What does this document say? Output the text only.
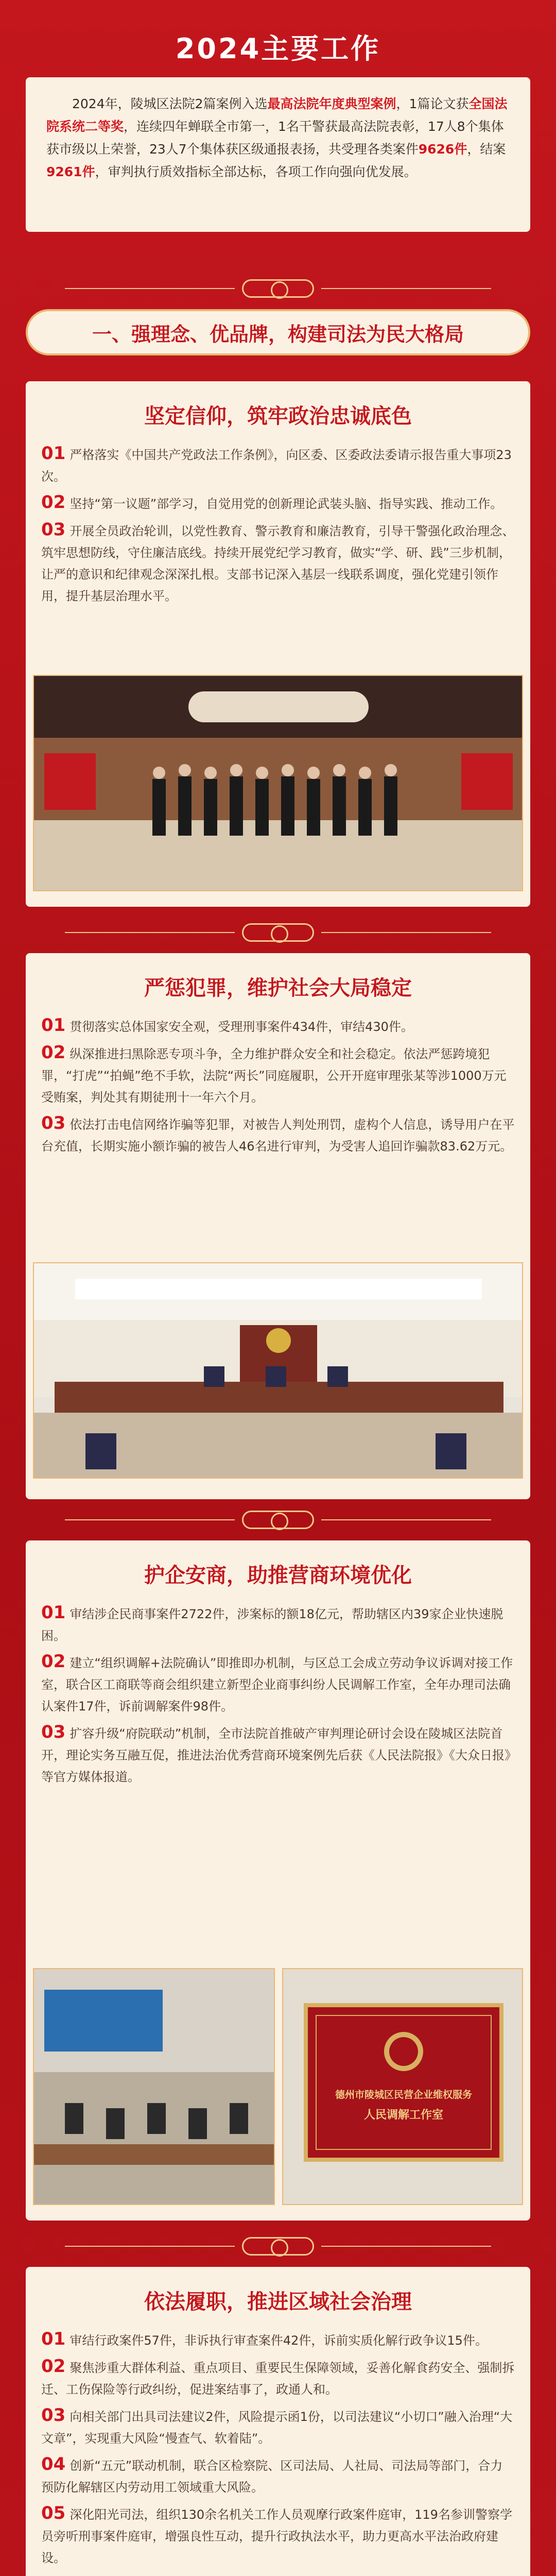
2024主要工作
2024年，陵城区法院2篇案例入选最高法院年度典型案例，1篇论文获全国法院系统二等奖，连续四年蝉联全市第一，1名干警获最高法院表彰，17人8个集体获市级以上荣誉，23人7个集体获区级通报表扬，共受理各类案件9626件，结案9261件，审判执行质效指标全部达标，各项工作向强向优发展。
一、强理念、优品牌，构建司法为民大格局
坚定信仰，筑牢政治忠诚底色
01 严格落实《中国共产党政法工作条例》，向区委、区委政法委请示报告重大事项23次。
02 坚持“第一议题”部学习，自觉用党的创新理论武装头脑、指导实践、推动工作。
03 开展全员政治轮训，以党性教育、警示教育和廉洁教育，引导干警强化政治理念、筑牢思想防线，守住廉洁底线。持续开展党纪学习教育，做实“学、研、践”三步机制，让严的意识和纪律观念深深扎根。支部书记深入基层一线联系调度，强化党建引领作用，提升基层治理水平。
严惩犯罪，维护社会大局稳定
01 贯彻落实总体国家安全观，受理刑事案件434件，审结430件。
02 纵深推进扫黑除恶专项斗争，全力维护群众安全和社会稳定。依法严惩跨境犯罪，“打虎”“拍蝇”绝不手软，法院“两长”同庭履职，公开开庭审理张某等涉1000万元受贿案，判处其有期徒刑十一年六个月。
03 依法打击电信网络诈骗等犯罪，对被告人判处刑罚，虚构个人信息，诱导用户在平台充值，长期实施小额诈骗的被告人46名进行审判，为受害人追回诈骗款83.62万元。
护企安商，助推营商环境优化
01 审结涉企民商事案件2722件，涉案标的额18亿元，帮助辖区内39家企业快速脱困。
02 建立“组织调解+法院确认”即推即办机制，与区总工会成立劳动争议诉调对接工作室，联合区工商联等商会组织建立新型企业商事纠纷人民调解工作室，全年办理司法确认案件17件，诉前调解案件98件。
03 扩容升级“府院联动”机制，全市法院首推破产审判理论研讨会设在陵城区法院首开，理论实务互融互促，推进法治优秀营商环境案例先后获《人民法院报》《大众日报》等官方媒体报道。
德州市陵城区民营企业维权服务
人民调解工作室
依法履职，推进区域社会治理
01 审结行政案件57件，非诉执行审查案件42件，诉前实质化解行政争议15件。
02 聚焦涉重大群体利益、重点项目、重要民生保障领域，妥善化解食药安全、强制拆迁、工伤保险等行政纠纷，促进案结事了，政通人和。
03 向相关部门出具司法建议2件，风险提示函1份，以司法建议“小切口”融入治理“大文章”，实现重大风险“慢查气、软着陆”。
04 创新“五元”联动机制，联合区检察院、区司法局、人社局、司法局等部门，合力预防化解辖区内劳动用工领域重大风险。
05 深化阳光司法，组织130余名机关工作人员观摩行政案件庭审，119名参训警察学员旁听刑事案件庭审，增强良性互动，提升行政执法水平，助力更高水平法治政府建设。
